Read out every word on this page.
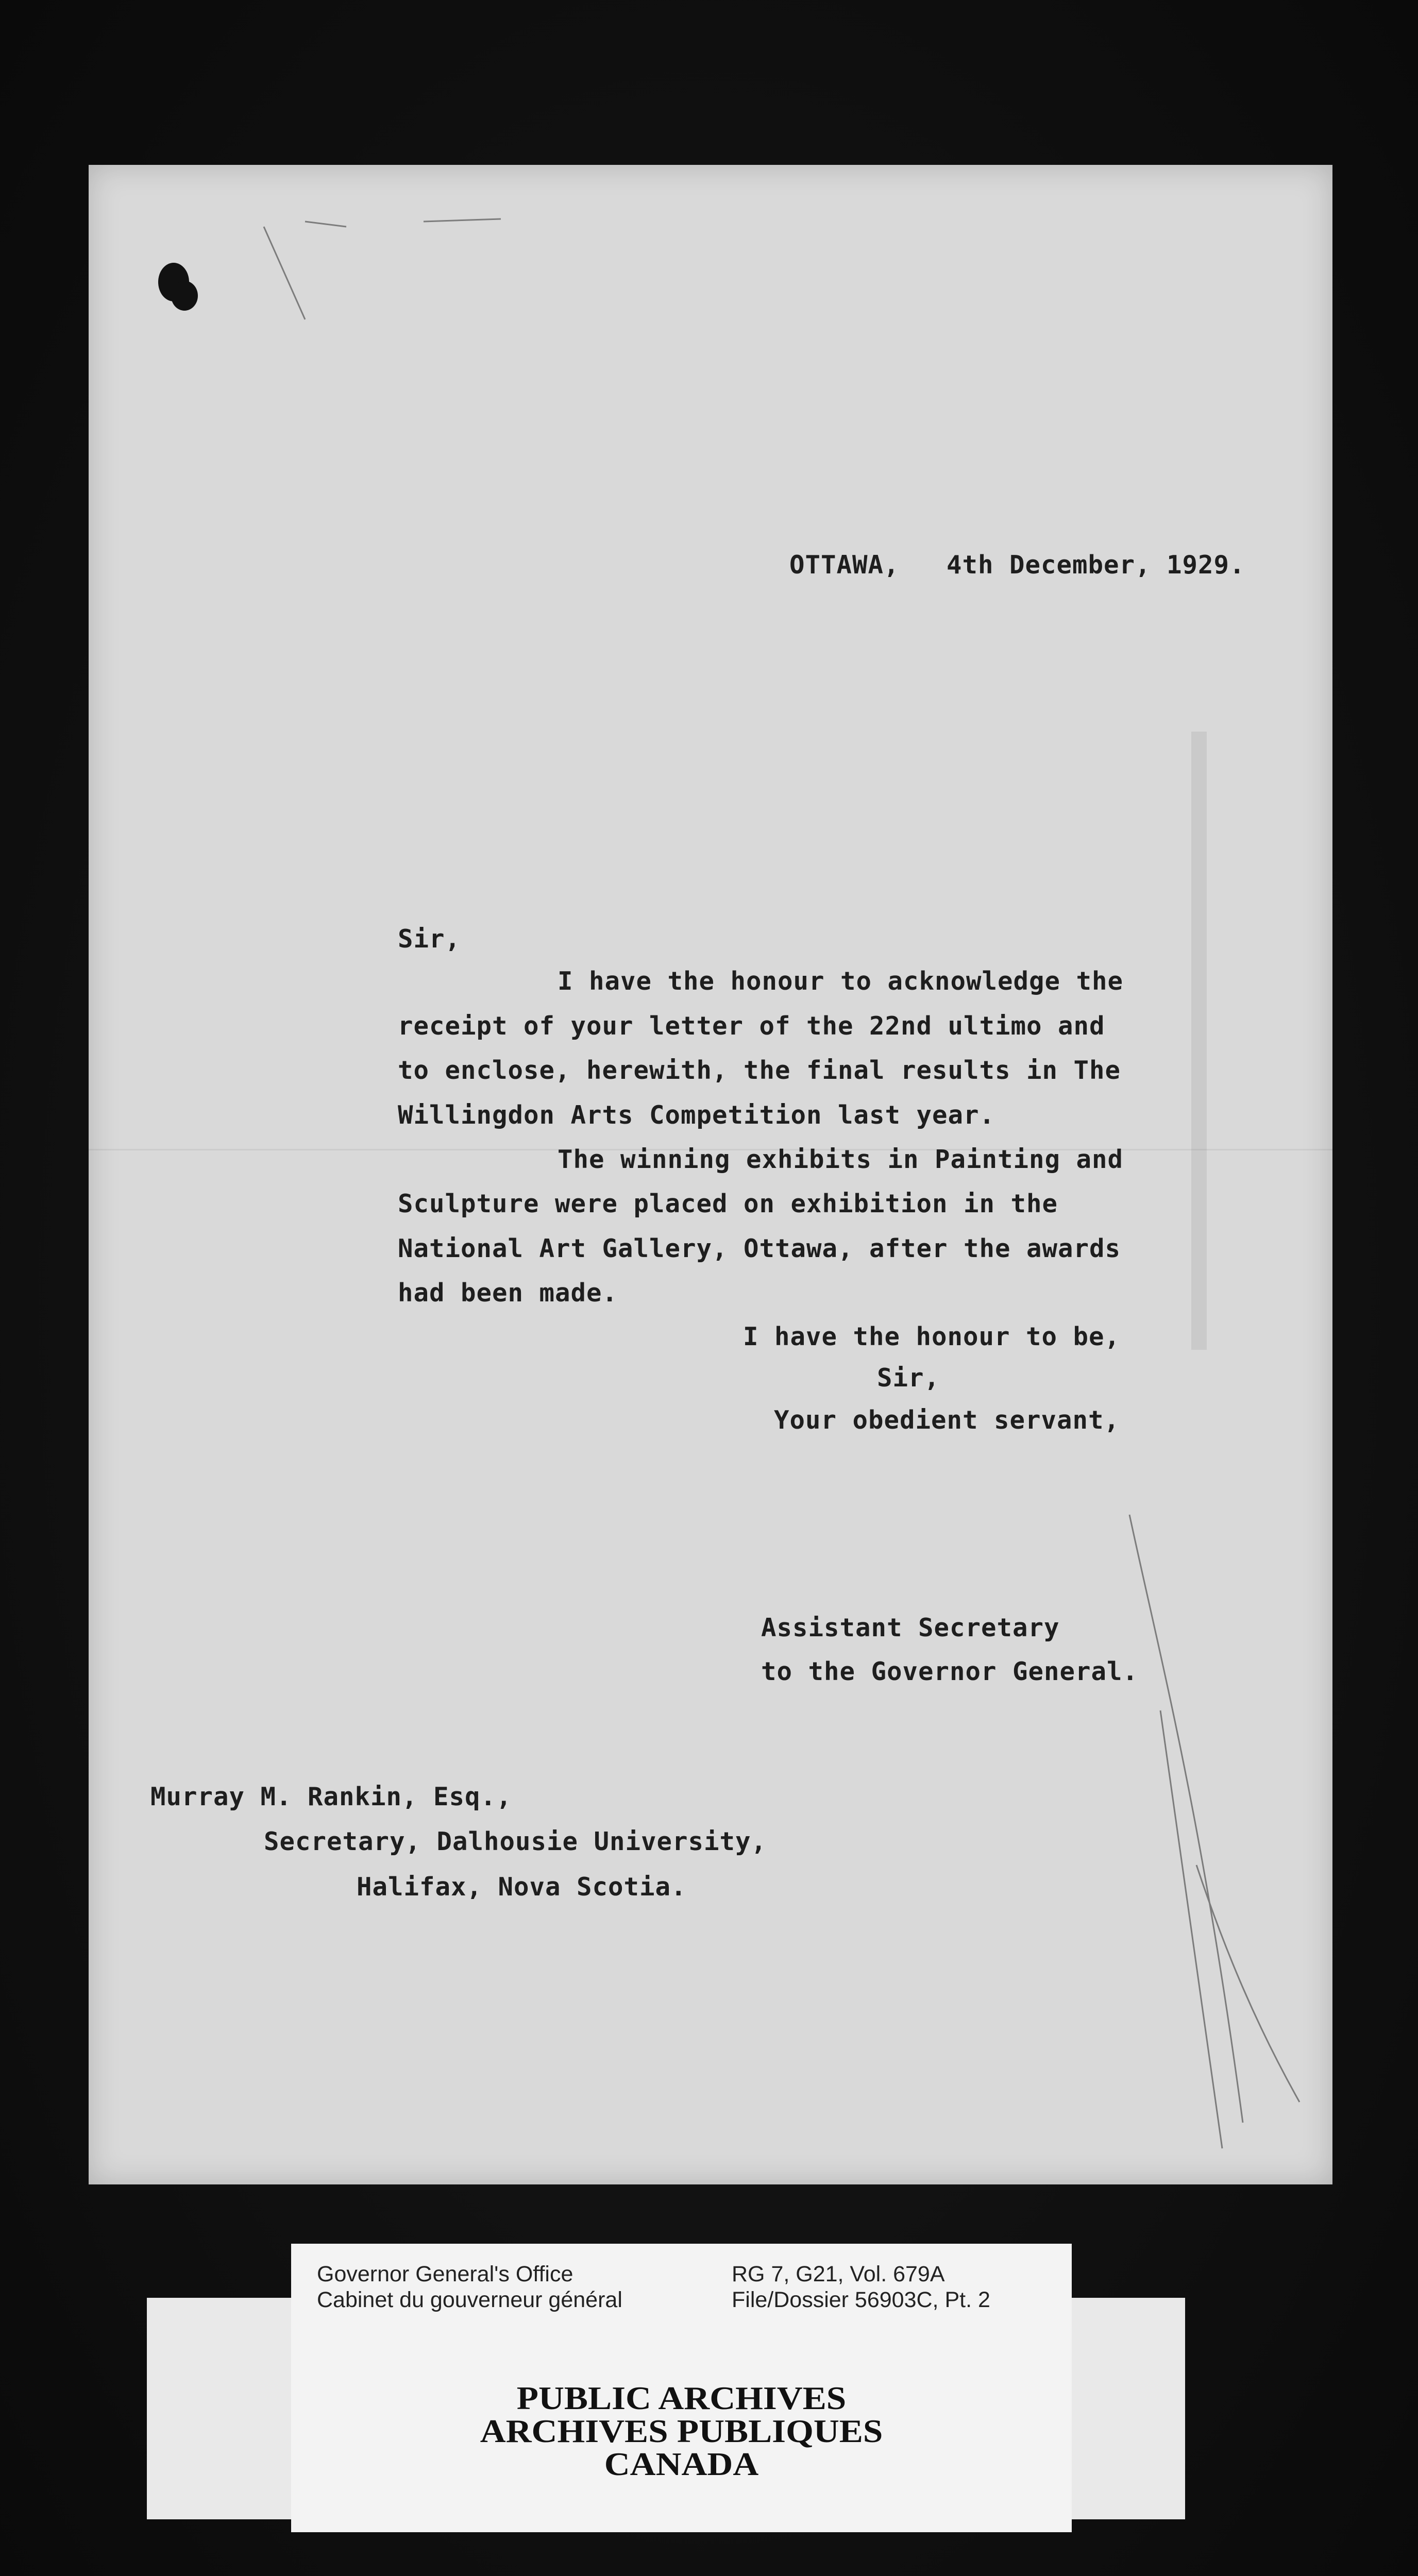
OTTAWA,   4th December, 1929.
Sir,
I have the honour to acknowledge the
receipt of your letter of the 22nd ultimo and
to enclose, herewith, the final results in The
Willingdon Arts Competition last year.
The winning exhibits in Painting and
Sculpture were placed on exhibition in the
National Art Gallery, Ottawa, after the awards
had been made.
I have the honour to be,
Sir,
Your obedient servant,
Assistant Secretary
to the Governor General.
Murray M. Rankin, Esq.,
Secretary, Dalhousie University,
Halifax, Nova Scotia.
Governor General's Office
Cabinet du gouverneur général
RG 7, G21, Vol. 679A
File/Dossier 56903C, Pt. 2
PUBLIC ARCHIVES
ARCHIVES PUBLIQUES
CANADA
